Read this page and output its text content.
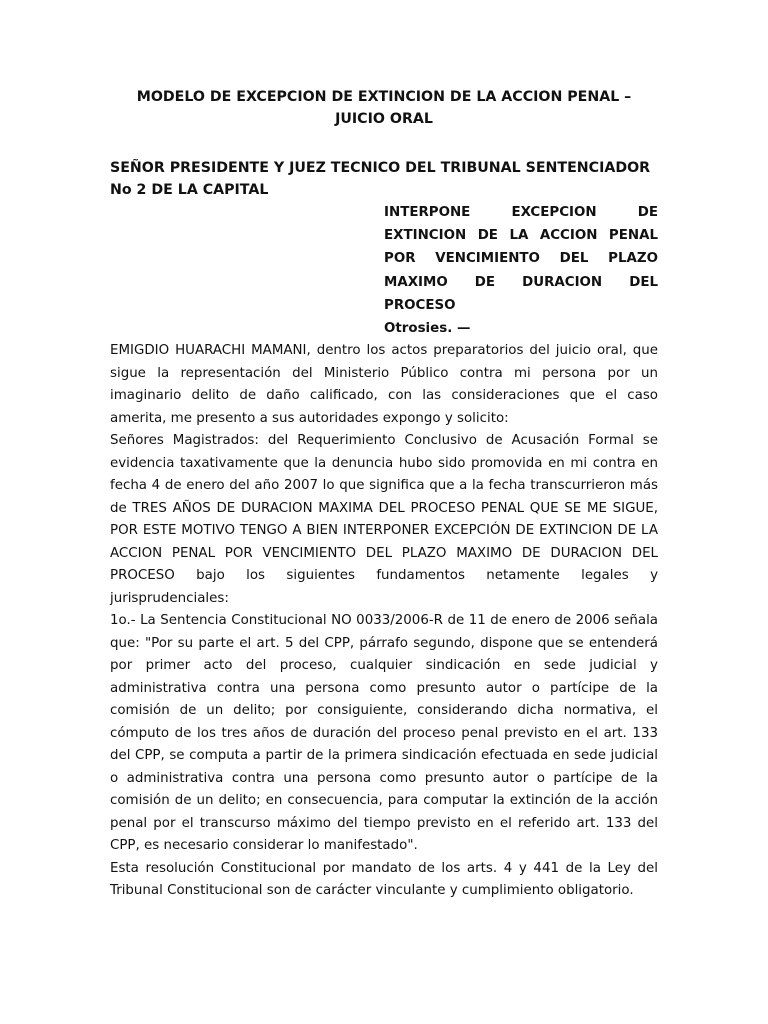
MODELO DE EXCEPCION DE EXTINCION DE LA ACCION PENAL – JUICIO ORAL
SEÑOR PRESIDENTE Y JUEZ TECNICO DEL TRIBUNAL SENTENCIADOR No 2 DE LA CAPITAL
INTERPONE EXCEPCION DE
EXTINCION DE LA ACCION PENAL
POR VENCIMIENTO DEL PLAZO
MAXIMO DE DURACION DEL
PROCESO
Otrosies. —

EMIGDIO HUARACHI MAMANI, dentro los actos preparatorios del juicio oral, que sigue la representación del Ministerio Público contra mi persona por un imaginario delito de daño calificado, con las consideraciones que el caso amerita, me presento a sus autoridades expongo y solicito:

Señores Magistrados: del Requerimiento Conclusivo de Acusación Formal se evidencia taxativamente que la denuncia hubo sido promovida en mi contra en fecha 4 de enero del año 2007 lo que significa que a la fecha transcurrieron más de TRES AÑOS DE DURACION MAXIMA DEL PROCESO PENAL QUE SE ME SIGUE, POR ESTE MOTIVO TENGO A BIEN INTERPONER EXCEPCIÓN DE EXTINCION DE LA ACCION PENAL POR VENCIMIENTO DEL PLAZO MAXIMO DE DURACION DEL PROCESO bajo los siguientes fundamentos netamente legales y jurisprudenciales:

1o.- La Sentencia Constitucional NO 0033/2006-R de 11 de enero de 2006 señala que: "Por su parte el art. 5 del CPP, párrafo segundo, dispone que se entenderá por primer acto del proceso, cualquier sindicación en sede judicial y administrativa contra una persona como presunto autor o partícipe de la comisión de un delito; por consiguiente, considerando dicha normativa, el cómputo de los tres años de duración del proceso penal previsto en el art. 133 del CPP, se computa a partir de la primera sindicación efectuada en sede judicial o administrativa contra una persona como presunto autor o partícipe de la comisión de un delito; en consecuencia, para computar la extinción de la acción penal por el transcurso máximo del tiempo previsto en el referido art. 133 del CPP, es necesario considerar lo manifestado".

Esta resolución Constitucional por mandato de los arts. 4 y 441 de la Ley del Tribunal Constitucional son de carácter vinculante y cumplimiento obligatorio.
